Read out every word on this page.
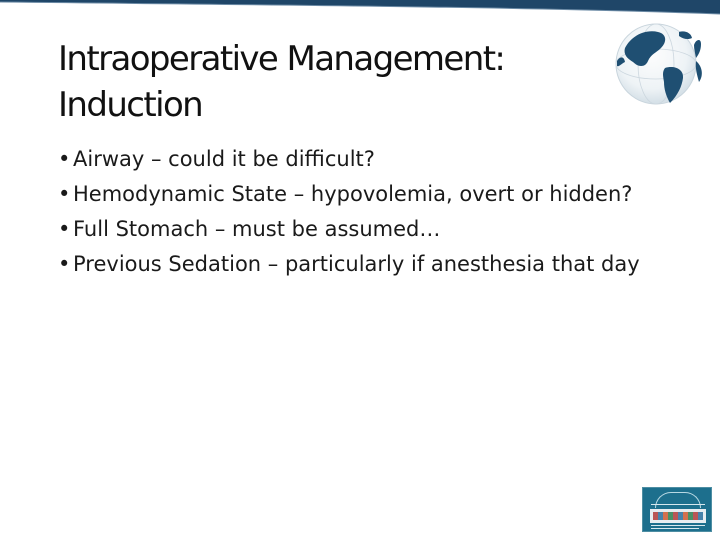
Intraoperative Management:
Induction
• Airway – could it be difficult?
• Hemodynamic State – hypovolemia, overt or hidden?
• Full Stomach – must be assumed…
• Previous Sedation – particularly if anesthesia that day
